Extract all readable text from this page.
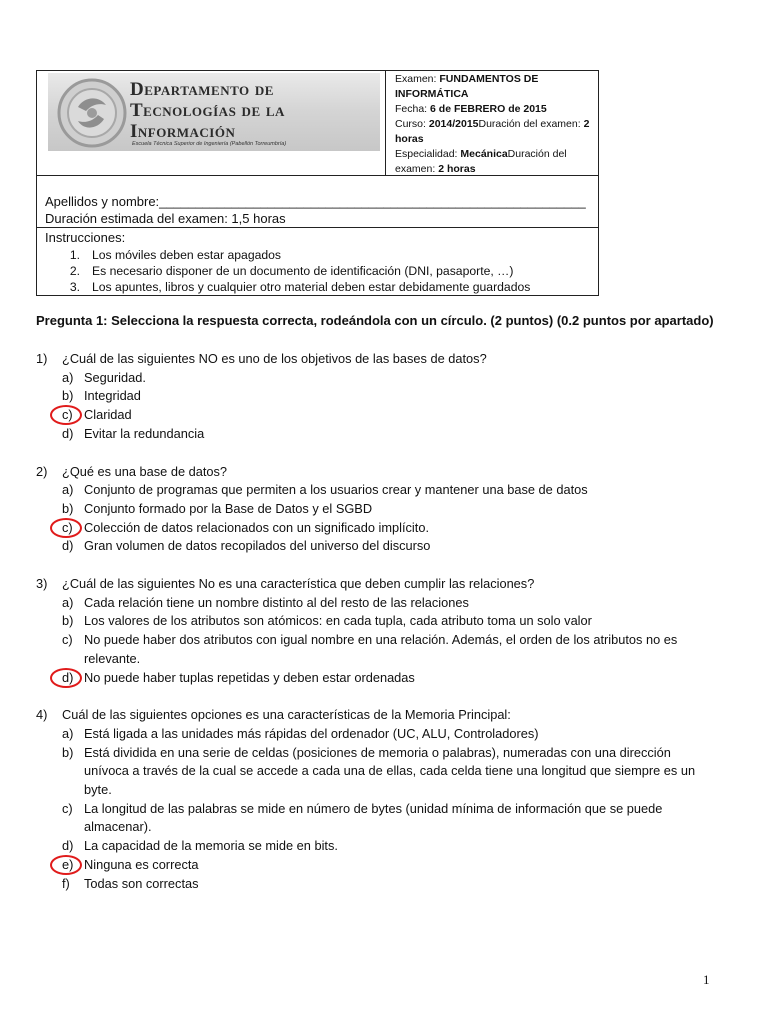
Departamento de
Tecnologías de la
Información
Escuela Técnica Superior de Ingeniería (Pabellón Torreumbría)
Examen: FUNDAMENTOS DE INFORMÁTICA
Fecha: 6 de FEBRERO de 2015
Curso: 2014/2015Duración del examen: 2 horas
Especialidad: MecánicaDuración del examen: 2 horas
Apellidos y nombre:___________________________________________________________
Duración estimada del examen: 1,5 horas
Instrucciones:
1. Los móviles deben estar apagados
2. Es necesario disponer de un documento de identificación (DNI, pasaporte, …)
3. Los apuntes, libros y cualquier otro material deben estar debidamente guardados
Pregunta 1: Selecciona la respuesta correcta, rodeándola con un círculo. (2 puntos) (0.2 puntos por apartado)
1)	¿Cuál de las siguientes NO es uno de los objetivos de las bases de datos?
a) Seguridad.
b) Integridad
c) Claridad
d) Evitar la redundancia
2)	¿Qué es una base de datos?
a) Conjunto de programas que permiten a los usuarios crear y mantener una base de datos
b) Conjunto formado por la Base de Datos y el SGBD
c) Colección de datos relacionados con un significado implícito.
d) Gran volumen de datos recopilados del universo del discurso
3)	¿Cuál de las siguientes No es una característica que deben cumplir las relaciones?
a) Cada relación tiene un nombre distinto al del resto de las relaciones
b) Los valores de los atributos son atómicos: en cada tupla, cada atributo toma un solo valor
c) No puede haber dos atributos con igual nombre en una relación. Además, el orden de los atributos no es relevante.
d) No puede haber tuplas repetidas y deben estar ordenadas
4)	Cuál de las siguientes opciones es una características de la Memoria Principal:
a) Está ligada a las unidades más rápidas del ordenador (UC, ALU, Controladores)
b) Está dividida en una serie de celdas (posiciones de memoria o palabras), numeradas con una dirección unívoca a través de la cual se accede a cada una de ellas, cada celda tiene una longitud que siempre es un byte.
c) La longitud de las palabras se mide en número de bytes (unidad mínima de información que se puede almacenar).
d) La capacidad de la memoria se mide en bits.
e) Ninguna es correcta
f)	Todas son correctas
1
